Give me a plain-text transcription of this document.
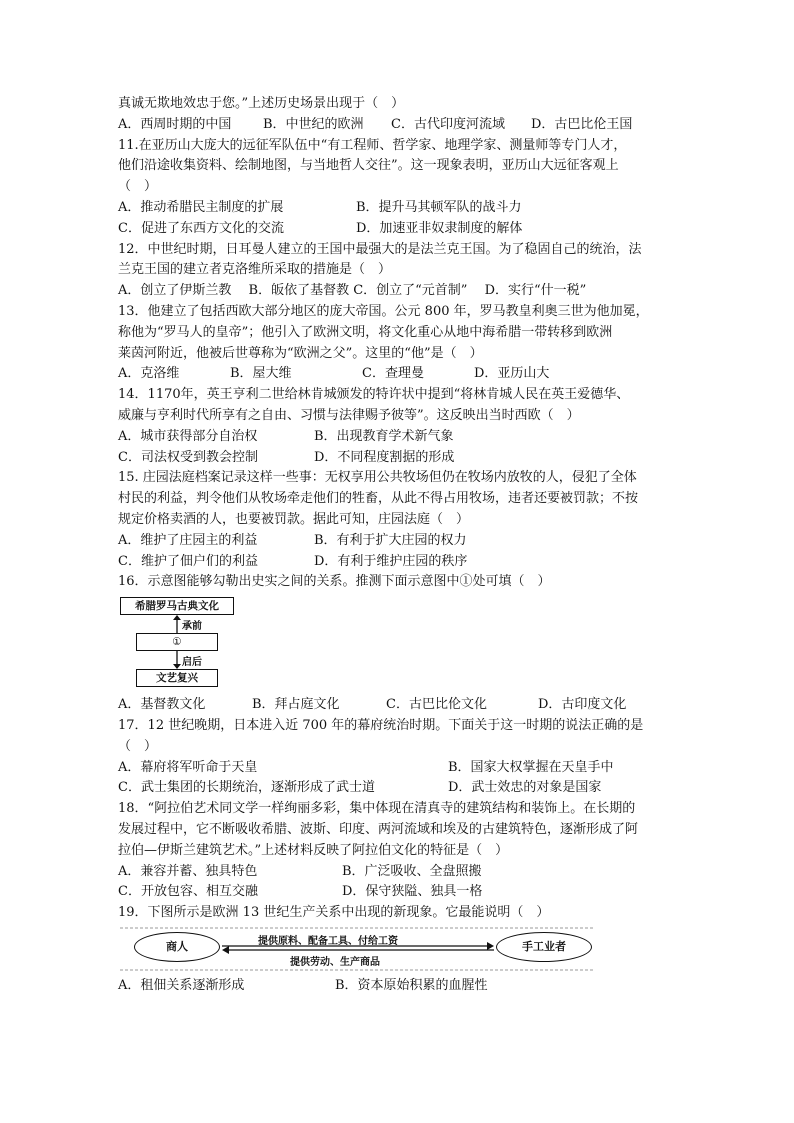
真诚无欺地效忠于您。”上述历史场景出现于（　）
A．西周时期的中国 B．中世纪的欧洲 C．古代印度河流域 D．古巴比伦王国
11.在亚历山大庞大的远征军队伍中“有工程师、哲学家、地理学家、测量师等专门人才，
他们沿途收集资料、绘制地图，与当地哲人交往”。这一现象表明，亚历山大远征客观上
（　）
A．推动希腊民主制度的扩展	B．提升马其顿军队的战斗力
C．促进了东西方文化的交流	D．加速亚非奴隶制度的解体
12．中世纪时期，日耳曼人建立的王国中最强大的是法兰克王国。为了稳固自己的统治，法
兰克王国的建立者克洛维所采取的措施是（　）
A．创立了伊斯兰教　 B．皈依了基督教 C．创立了“元首制”　 D．实行“什一税”
13．他建立了包括西欧大部分地区的庞大帝国。公元 800 年，罗马教皇利奥三世为他加冕，
称他为“罗马人的皇帝”；他引入了欧洲文明，将文化重心从地中海希腊一带转移到欧洲
莱茵河附近，他被后世尊称为“欧洲之父”。这里的“他”是（　）
A．克洛维	B．屋大维	C．查理曼	D．亚历山大
14．1170年，英王亨利二世给林肯城颁发的特许状中提到“将林肯城人民在英王爱德华、
威廉与亨利时代所享有之自由、习惯与法律赐予彼等”。这反映出当时西欧（　）
A．城市获得部分自治权	B．出现教育学术新气象
C．司法权受到教会控制	D．不同程度割据的形成
15. 庄园法庭档案记录这样一些事：无权享用公共牧场但仍在牧场内放牧的人，侵犯了全体
村民的利益，判令他们从牧场牵走他们的牲畜，从此不得占用牧场，违者还要被罚款；不按
规定价格卖酒的人，也要被罚款。据此可知，庄园法庭（　）
A．维护了庄园主的利益	B．有利于扩大庄园的权力
C．维护了佃户们的利益	D．有利于维护庄园的秩序
16．示意图能够勾勒出史实之间的关系。推测下面示意图中①处可填（　）
希腊罗马古典文化
承前
①
启后
文艺复兴
A．基督教文化	B．拜占庭文化	C．古巴比伦文化	D．古印度文化
17．12 世纪晚期，日本进入近 700 年的幕府统治时期。下面关于这一时期的说法正确的是
（　）
A．幕府将军听命于天皇	B．国家大权掌握在天皇手中
C．武士集团的长期统治，逐渐形成了武士道	D．武士效忠的对象是国家
18．“阿拉伯艺术同文学一样绚丽多彩，集中体现在清真寺的建筑结构和装饰上。在长期的
发展过程中，它不断吸收希腊、波斯、印度、两河流域和埃及的古建筑特色，逐渐形成了阿
拉伯—伊斯兰建筑艺术。”上述材料反映了阿拉伯文化的特征是（　）
A．兼容并蓄、独具特色	B．广泛吸收、全盘照搬
C．开放包容、相互交融	D．保守狭隘、独具一格
19．下图所示是欧洲 13 世纪生产关系中出现的新现象。它最能说明（　）
商人	提供原料、配备工具、付给工资
提供劳动、生产商品
手工业者
A．租佃关系逐渐形成	B．资本原始积累的血腥性
